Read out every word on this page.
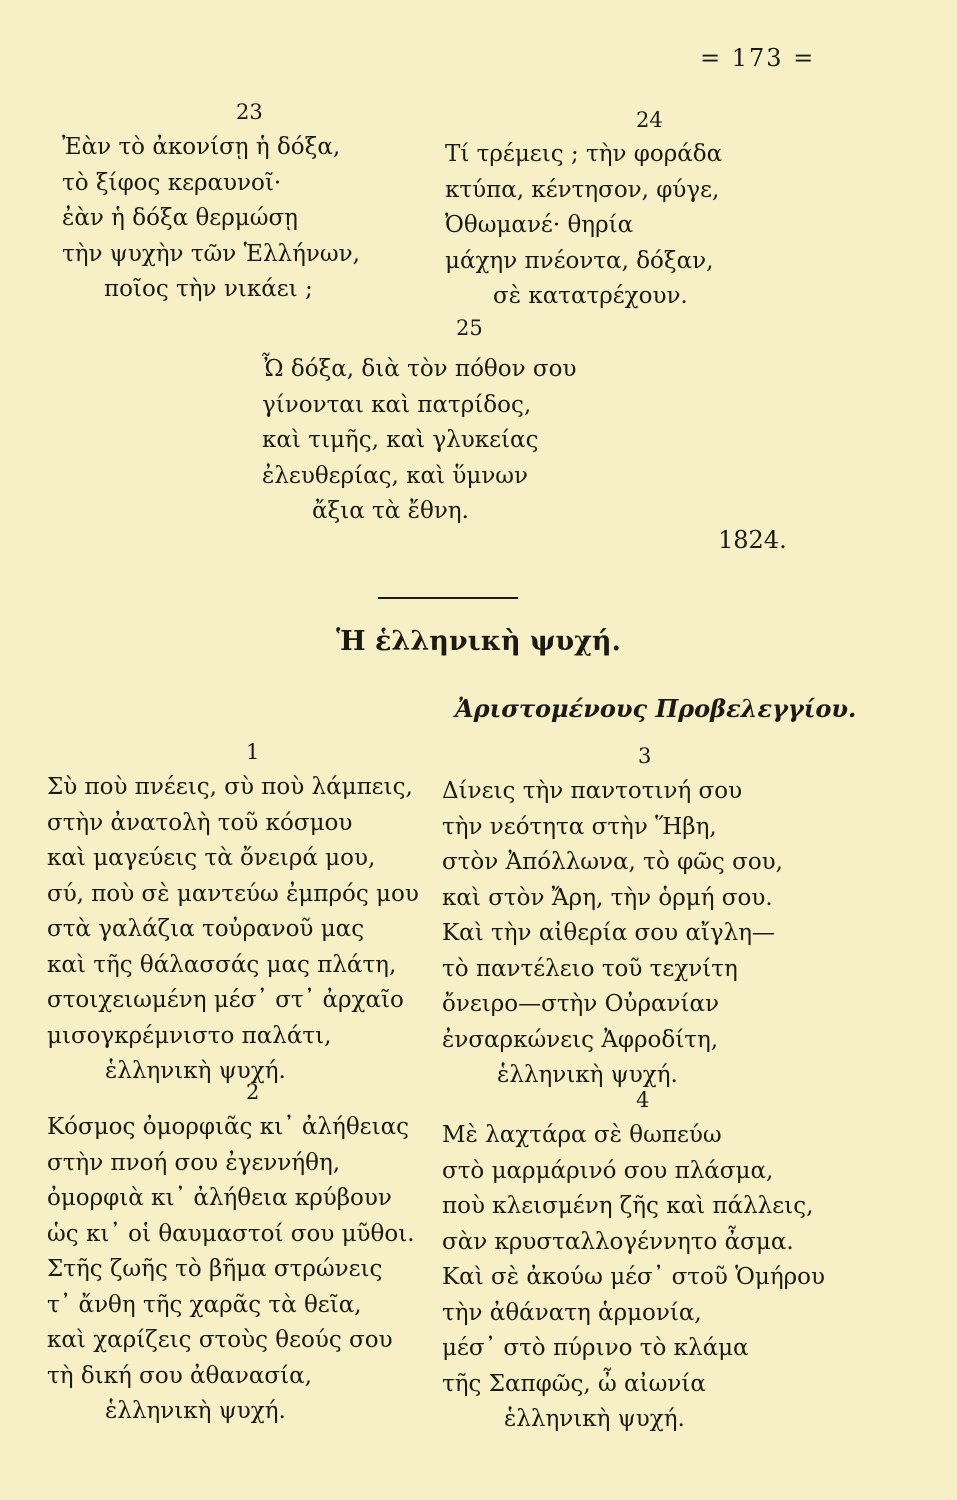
= 173 =
23
Ἐὰν τὸ ἀκονίσῃ ἡ δόξα,
τὸ ξίφος κεραυνοῖ·
ἐὰν ἡ δόξα θερμώσῃ
τὴν ψυχὴν τῶν Ἑλλήνων,
ποῖος τὴν νικάει ;
24
Τί τρέμεις ; τὴν φοράδα
κτύπα, κέντησον, φύγε,
Ὀθωμανέ· θηρία
μάχην πνέοντα, δόξαν,
σὲ κατατρέχουν.
25
Ὦ δόξα, διὰ τὸν πόθον σου
γίνονται καὶ πατρίδος,
καὶ τιμῆς, καὶ γλυκείας
ἐλευθερίας, καὶ ὕμνων
ἄξια τὰ ἔθνη.
1824.
Ἡ ἑλληνικὴ ψυχή.
Ἀριστομένους Προβελεγγίου.
1
Σὺ ποὺ πνέεις, σὺ ποὺ λάμπεις,
στὴν ἀνατολὴ τοῦ κόσμου
καὶ μαγεύεις τὰ ὄνειρά μου,
σύ, ποὺ σὲ μαντεύω ἐμπρός μου
στὰ γαλάζια τοὐρανοῦ μας
καὶ τῆς θάλασσάς μας πλάτη,
στοιχειωμένη μέσ᾿ στ᾿ ἀρχαῖο
μισογκρέμνιστο παλάτι,
ἑλληνικὴ ψυχή.
2
Κόσμος ὀμορφιᾶς κι᾿ ἀλήθειας
στὴν πνοή σου ἐγεννήθη,
ὀμορφιὰ κι᾿ ἀλήθεια κρύβουν
ὡς κι᾿ οἱ θαυμαστοί σου μῦθοι.
Στῆς ζωῆς τὸ βῆμα στρώνεις
τ᾿ ἄνθη τῆς χαρᾶς τὰ θεῖα,
καὶ χαρίζεις στοὺς θεούς σου
τὴ δική σου ἀθανασία,
ἑλληνικὴ ψυχή.
3
Δίνεις τὴν παντοτινή σου
τὴν νεότητα στὴν Ἥβη,
στὸν Ἀπόλλωνα, τὸ φῶς σου,
καὶ στὸν Ἄρη, τὴν ὁρμή σου.
Καὶ τὴν αἰθερία σου αἴγλη—
τὸ παντέλειο τοῦ τεχνίτη
ὄνειρο—στὴν Οὐρανίαν
ἐνσαρκώνεις Ἀφροδίτη,
ἑλληνικὴ ψυχή.
4
Μὲ λαχτάρα σὲ θωπεύω
στὸ μαρμάρινό σου πλάσμα,
ποὺ κλεισμένη ζῆς καὶ πάλλεις,
σὰν κρυσταλλογέννητο ἆσμα.
Καὶ σὲ ἀκούω μέσ᾿ στοῦ Ὁμήρου
τὴν ἀθάνατη ἁρμονία,
μέσ᾿ στὸ πύρινο τὸ κλάμα
τῆς Σαπφῶς, ὦ αἰωνία
ἑλληνικὴ ψυχή.
